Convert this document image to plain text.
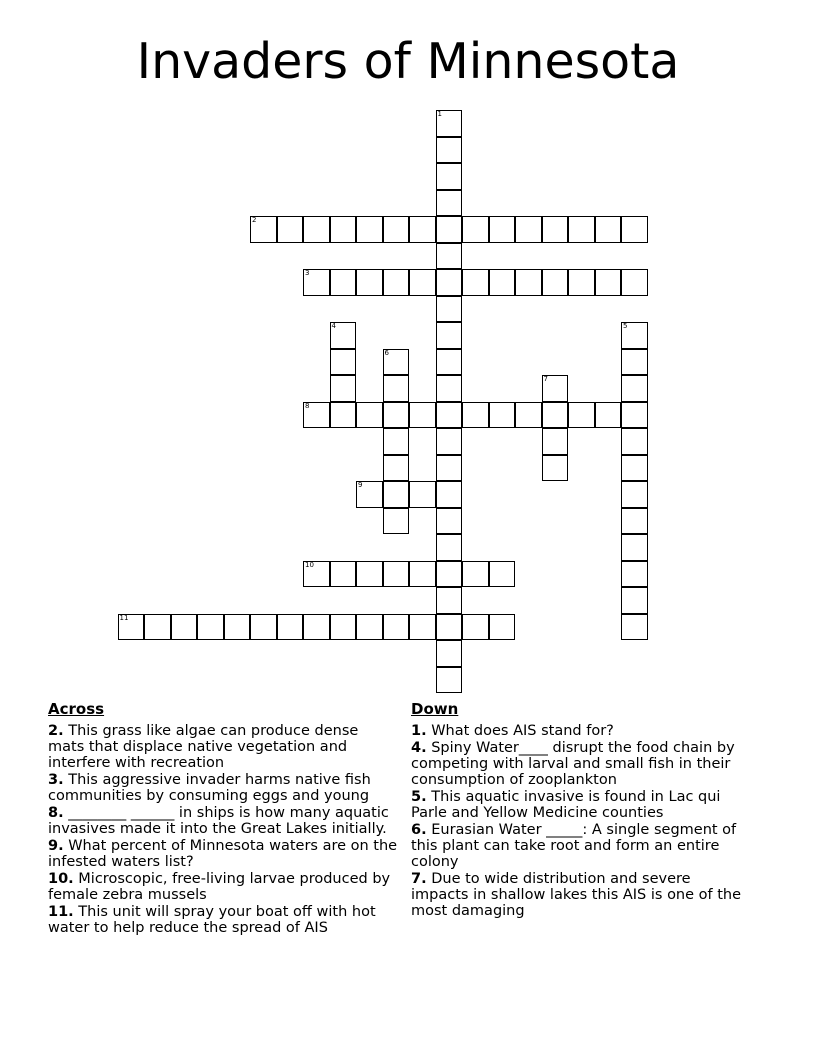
Invaders of Minnesota
1
2
3
4	5
6
7
8
9
10
11
Across
2. This grass like algae can produce dense mats that displace native vegetation and interfere with recreation
3. This aggressive invader harms native fish communities by consuming eggs and young
8. ________ ______ in ships is how many aquatic invasives made it into the Great Lakes initially.
9. What percent of Minnesota waters are on the infested waters list?
10. Microscopic, free-living larvae produced by female zebra mussels
11. This unit will spray your boat off with hot water to help reduce the spread of AIS
Down
1. What does AIS stand for?
4. Spiny Water____ disrupt the food chain by competing with larval and small fish in their consumption of zooplankton
5. This aquatic invasive is found in Lac qui Parle and Yellow Medicine counties
6. Eurasian Water _____: A single segment of this plant can take root and form an entire colony
7. Due to wide distribution and severe impacts in shallow lakes this AIS is one of the most damaging
